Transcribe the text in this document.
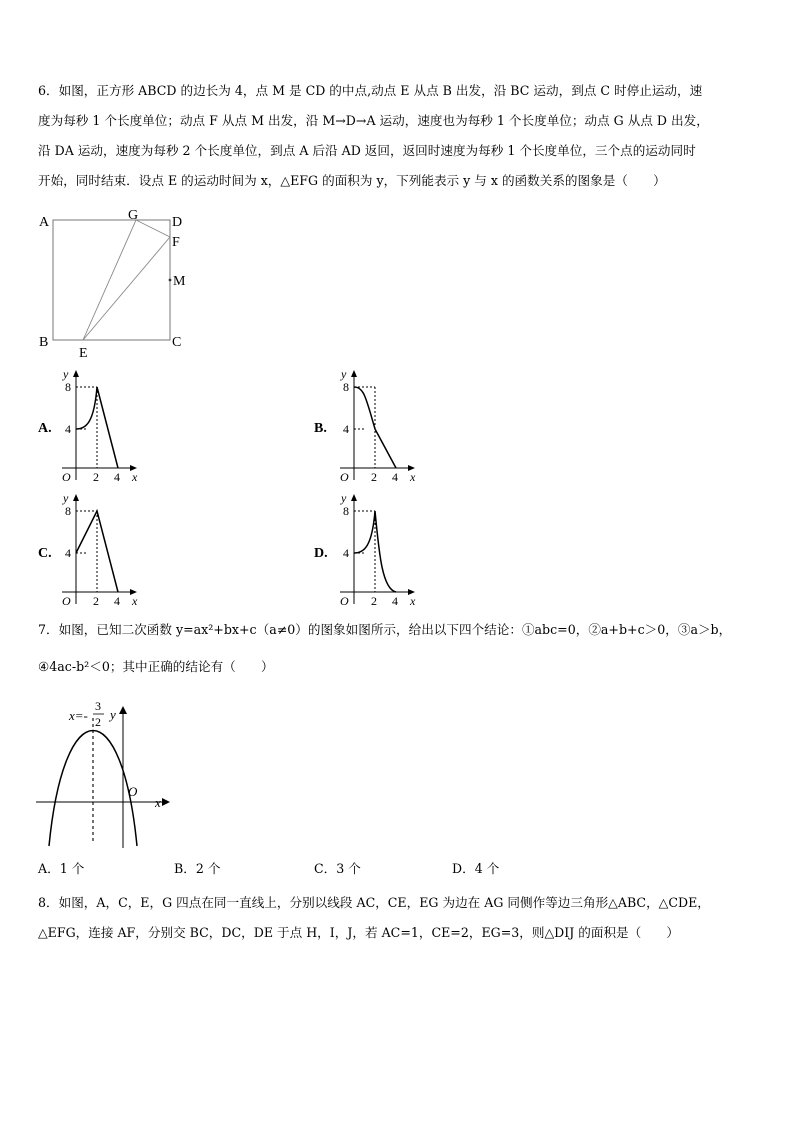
6．如图，正方形 ABCD 的边长为 4，点 M 是 CD 的中点,动点 E 从点 B 出发，沿 BC 运动，到点 C 时停止运动，速
度为每秒 1 个长度单位；动点 F 从点 M 出发，沿 M→D→A 运动，速度也为每秒 1 个长度单位；动点 G 从点 D 出发，
沿 DA 运动，速度为每秒 2 个长度单位，到点 A 后沿 AD 返回，返回时速度为每秒 1 个长度单位，三个点的运动同时
开始，同时结束．设点 E 的运动时间为 x，△EFG 的面积为 y，下列能表示 y 与 x 的函数关系的图象是（　　）
A	G D
F
M
B	C
E
A.	B.
C.	D.
y
8
4
O 2 4 x
y
8
4
O 2 4 x
y
8
4
O 2 4 x
y
8
4
O 2 4 x
7．如图，已知二次函数 y=ax²+bx+c（a≠0）的图象如图所示，给出以下四个结论：①abc=0，②a+b+c＞0，③a＞b，
④4ac-b²＜0；其中正确的结论有（　　）
x=-
3
2 y
x
O
A．1 个	B．2 个	C．3 个	D．4 个
8．如图，A，C，E，G 四点在同一直线上，分别以线段 AC，CE，EG 为边在 AG 同侧作等边三角形△ABC，△CDE，
△EFG，连接 AF，分别交 BC，DC，DE 于点 H，I，J，若 AC=1，CE=2，EG=3，则△DIJ 的面积是（　　）
